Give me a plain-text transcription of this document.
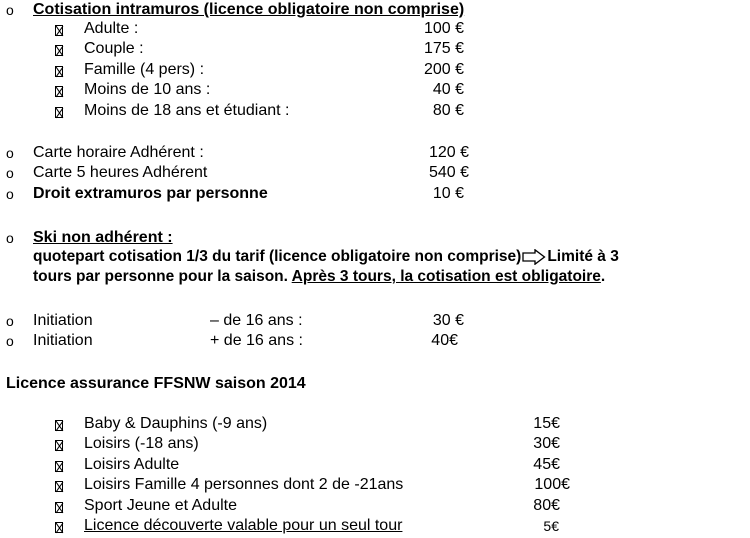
o Cotisation intramuros (licence obligatoire non comprise)
Adulte :	100 €
Couple :	175 €
Famille (4 pers) :	200 €
Moins de 10 ans :	40 €
Moins de 18 ans et étudiant :	80 €
o Carte horaire Adhérent :	120 €
o Carte 5 heures Adhérent	540 €
o Droit extramuros par personne	10 €
o Ski non adhérent :
quotepart cotisation 1/3 du tarif (licence obligatoire non comprise) Limité à 3
tours par personne pour la saison. Après 3 tours, la cotisation est obligatoire.
o Initiation	– de 16 ans :	30 €
o Initiation	+ de 16 ans :	40€
Licence assurance FFSNW saison 2014
Baby & Dauphins (-9 ans)	15€
Loisirs (-18 ans)	30€
Loisirs Adulte	45€
Loisirs Famille 4 personnes dont 2 de -21ans	100€
Sport Jeune et Adulte	80€
Licence découverte valable pour un seul tour	5€
